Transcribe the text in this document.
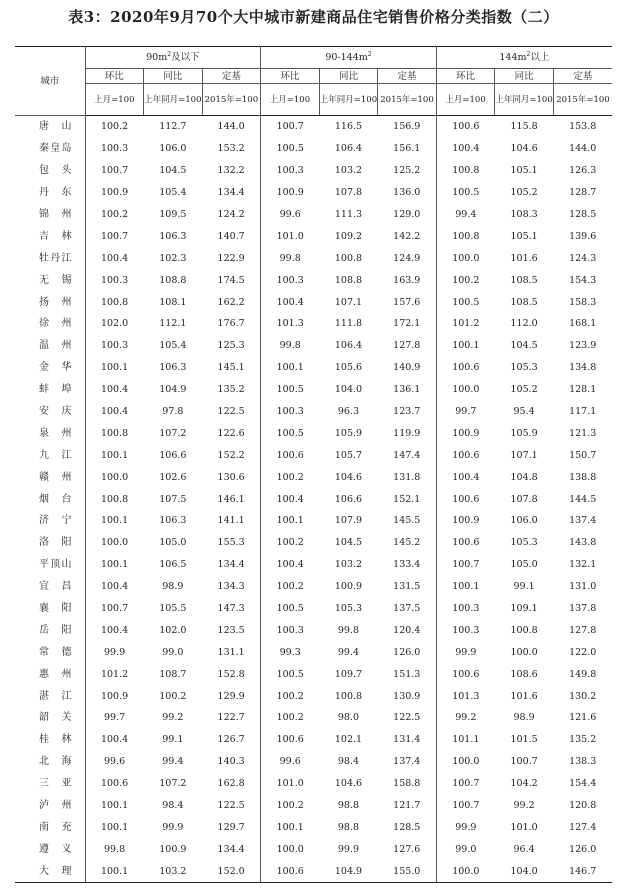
表3：2020年9月70个大中城市新建商品住宅销售价格分类指数（二）
城市	$90m^2$及以下			$90-144m^2$			$144m^2$以上		
	环比	同比	定基	环比	同比	定基	环比	同比	定基
	上月=100	上年同月=100	2015年=100	上月=100	上年同月=100	2015年=100	上月=100	上年同月=100	2015年=100
唐山	100.2	112.7	144.0	100.7	116.5	156.9	100.6	115.8	153.8
秦皇岛	100.3	106.0	153.2	100.5	106.4	156.1	100.4	104.6	144.0
包头	100.7	104.5	132.2	100.3	103.2	125.2	100.8	105.1	126.3
丹东	100.9	105.4	134.4	100.9	107.8	136.0	100.5	105.2	128.7
锦州	100.2	109.5	124.2	99.6	111.3	129.0	99.4	108.3	128.5
吉林	100.7	106.3	140.7	101.0	109.2	142.2	100.8	105.1	139.6
牡丹江	100.4	102.3	122.9	99.8	100.8	124.9	100.0	101.6	124.3
无锡	100.3	108.8	174.5	100.3	108.8	163.9	100.2	108.5	154.3
扬州	100.8	108.1	162.2	100.4	107.1	157.6	100.5	108.5	158.3
徐州	102.0	112.1	176.7	101.3	111.8	172.1	101.2	112.0	168.1
温州	100.3	105.4	125.3	99.8	106.4	127.8	100.1	104.5	123.9
金华	100.1	106.3	145.1	100.1	105.6	140.9	100.6	105.3	134.8
蚌埠	100.4	104.9	135.2	100.5	104.0	136.1	100.0	105.2	128.1
安庆	100.4	97.8	122.5	100.3	96.3	123.7	99.7	95.4	117.1
泉州	100.8	107.2	122.6	100.5	105.9	119.9	100.9	105.9	121.3
九江	100.1	106.6	152.2	100.6	105.7	147.4	100.6	107.1	150.7
赣州	100.0	102.6	130.6	100.2	104.6	131.8	100.4	104.8	138.8
烟台	100.8	107.5	146.1	100.4	106.6	152.1	100.6	107.8	144.5
济宁	100.1	106.3	141.1	100.1	107.9	145.5	100.9	106.0	137.4
洛阳	100.0	105.0	155.3	100.2	104.5	145.2	100.6	105.3	143.8
平顶山	100.1	106.5	134.4	100.4	103.2	133.4	100.7	105.0	132.1
宜昌	100.4	98.9	134.3	100.2	100.9	131.5	100.1	99.1	131.0
襄阳	100.7	105.5	147.3	100.5	105.3	137.5	100.3	109.1	137.8
岳阳	100.4	102.0	123.5	100.3	99.8	120.4	100.3	100.8	127.8
常德	99.9	99.0	131.1	99.3	99.4	126.0	99.9	100.0	122.0
惠州	101.2	108.7	152.8	100.5	109.7	151.3	100.6	108.6	149.8
湛江	100.9	100.2	129.9	100.2	100.8	130.9	101.3	101.6	130.2
韶关	99.7	99.2	122.7	100.2	98.0	122.5	99.2	98.9	121.6
桂林	100.4	99.1	126.7	100.6	102.1	131.4	101.1	101.5	135.2
北海	99.6	99.4	140.3	99.6	98.4	137.4	100.0	100.7	138.3
三亚	100.6	107.2	162.8	101.0	104.6	158.8	100.7	104.2	154.4
泸州	100.1	98.4	122.5	100.2	98.8	121.7	100.7	99.2	120.8
南充	100.1	99.9	129.7	100.1	98.8	128.5	99.9	101.0	127.4
遵义	99.8	100.9	134.4	100.0	99.9	127.6	99.0	96.4	126.0
大理	100.1	103.2	152.0	100.6	104.9	155.0	100.0	104.0	146.7
